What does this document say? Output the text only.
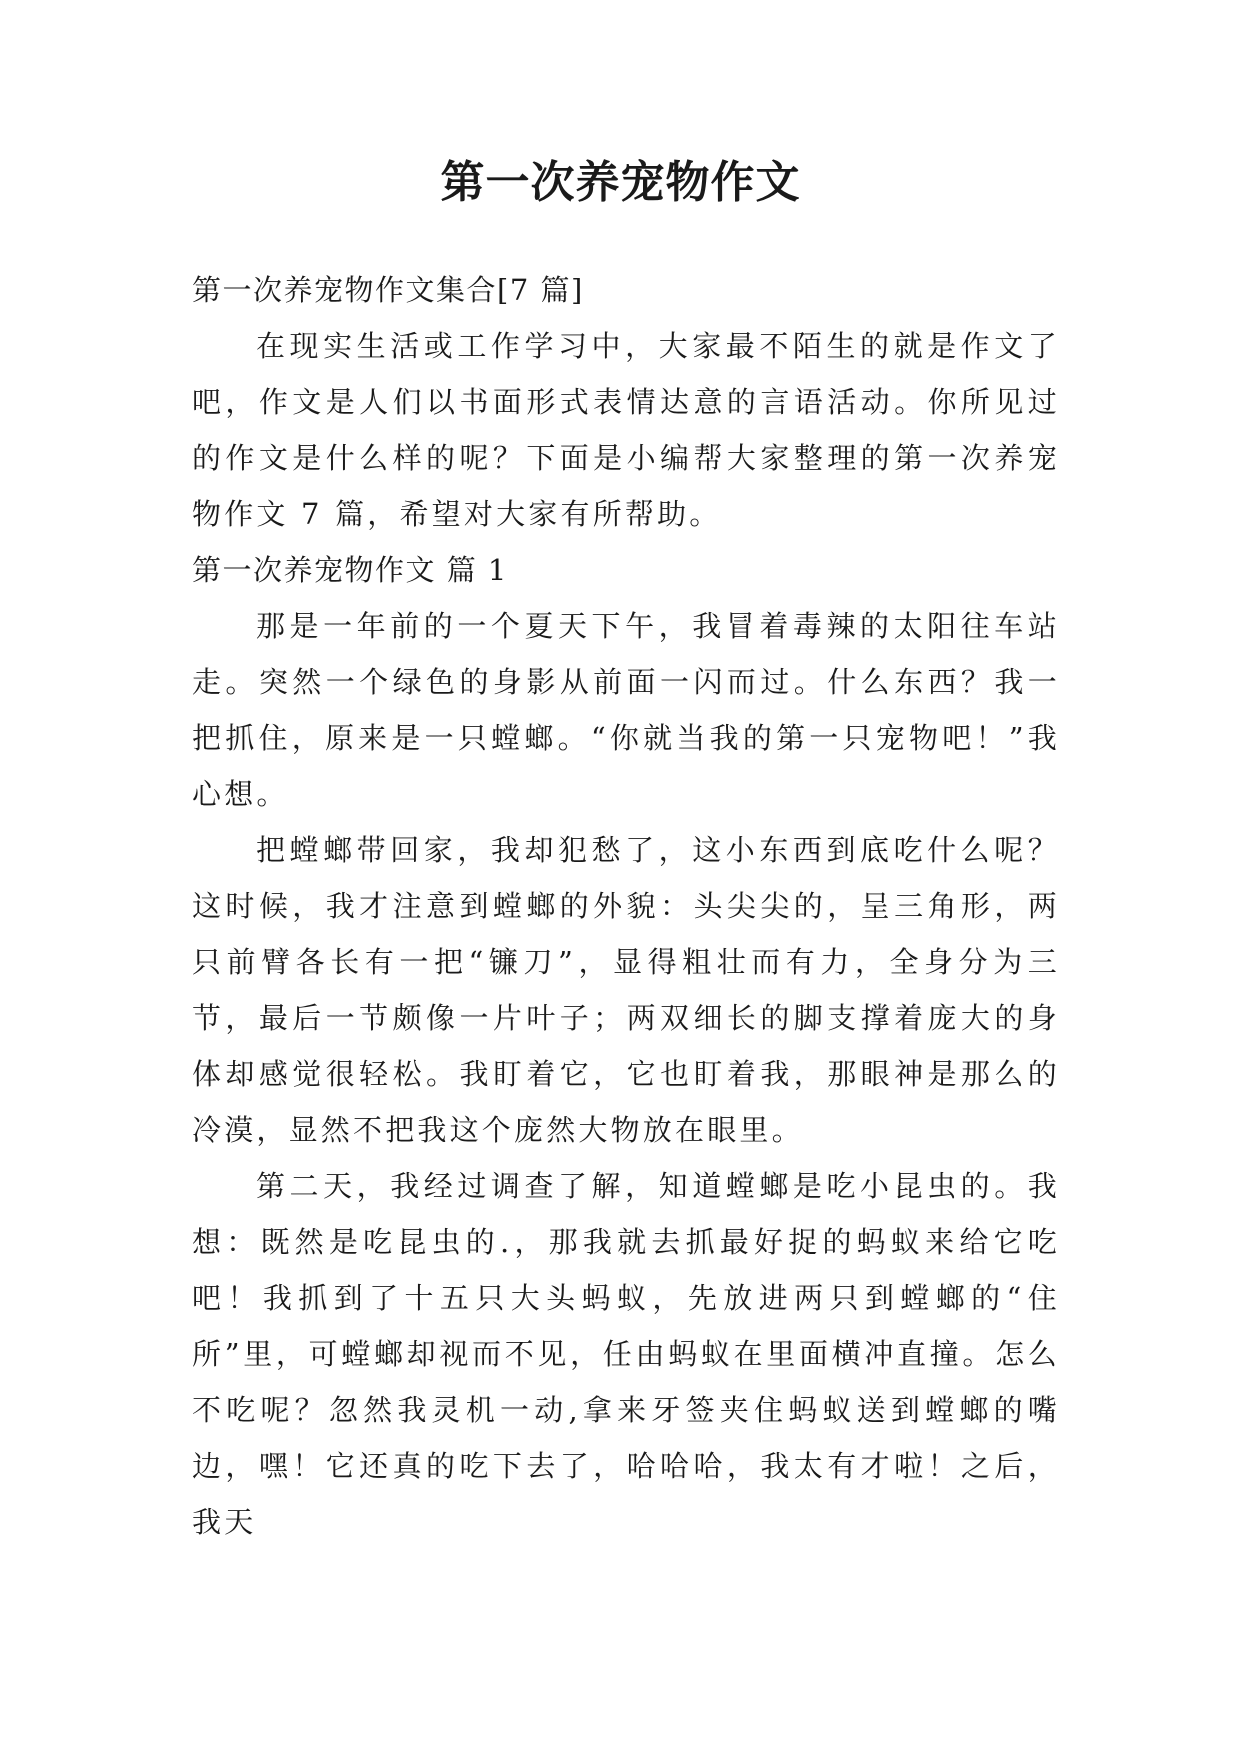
第一次养宠物作文

第一次养宠物作文集合[7 篇]

在现实生活或工作学习中，大家最不陌生的就是作文了吧，作文是人们以书面形式表情达意的言语活动。你所见过的作文是什么样的呢？下面是小编帮大家整理的第一次养宠物作文 7 篇，希望对大家有所帮助。

第一次养宠物作文 篇 1

那是一年前的一个夏天下午，我冒着毒辣的太阳往车站走。突然一个绿色的身影从前面一闪而过。什么东西？我一把抓住，原来是一只螳螂。“你就当我的第一只宠物吧！”我心想。

把螳螂带回家，我却犯愁了，这小东西到底吃什么呢？这时候，我才注意到螳螂的外貌：头尖尖的，呈三角形，两只前臂各长有一把“镰刀”，显得粗壮而有力，全身分为三节，最后一节颇像一片叶子；两双细长的脚支撑着庞大的身体却感觉很轻松。我盯着它，它也盯着我，那眼神是那么的冷漠，显然不把我这个庞然大物放在眼里。

第二天，我经过调查了解，知道螳螂是吃小昆虫的。我想：既然是吃昆虫的.，那我就去抓最好捉的蚂蚁来给它吃吧！我抓到了十五只大头蚂蚁，先放进两只到螳螂的“住所”里，可螳螂却视而不见，任由蚂蚁在里面横冲直撞。怎么不吃呢？忽然我灵机一动,拿来牙签夹住蚂蚁送到螳螂的嘴边，嘿！它还真的吃下去了，哈哈哈，我太有才啦！之后，我天
